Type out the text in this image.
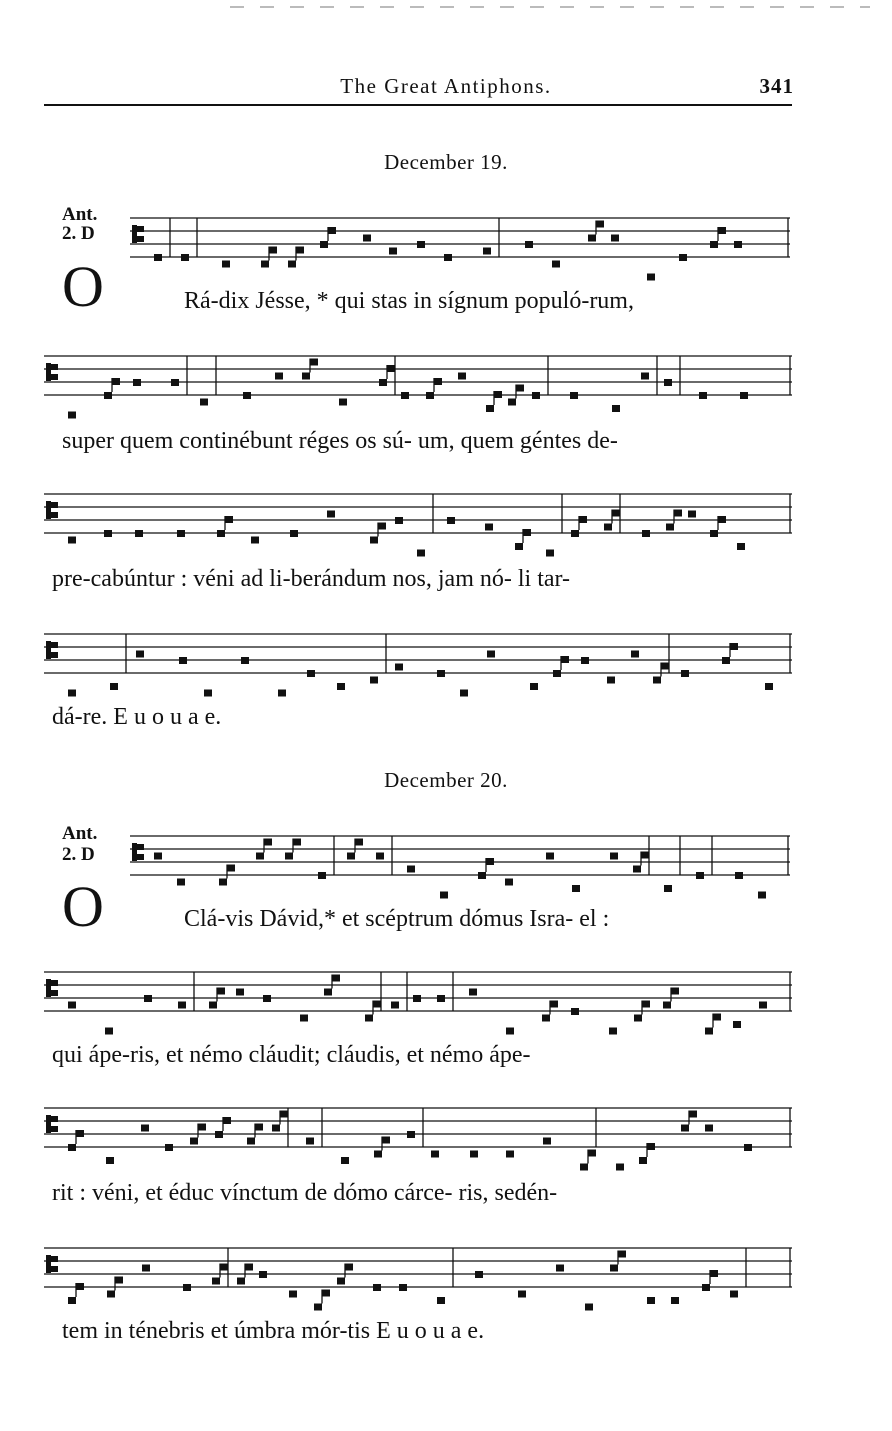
The Great Antiphons.	341
December 19.
Ant.
2. D
O	Rá-dix Jésse, * qui stas in sígnum populó-rum,
super quem continébunt réges os sú- um, quem géntes de-
pre-cabúntur : véni ad li-berándum nos, jam nó- li tar-
dá-re. E u o u a e.
December 20.
Ant.
2. D
O	Clá-vis Dávid,* et scéptrum dómus Isra- el :
qui ápe-ris, et némo cláudit; cláudis, et némo ápe-
rit : véni, et éduc vínctum de dómo cárce- ris, sedén-
tem in ténebris et úmbra mór-tis E u o u a e.
